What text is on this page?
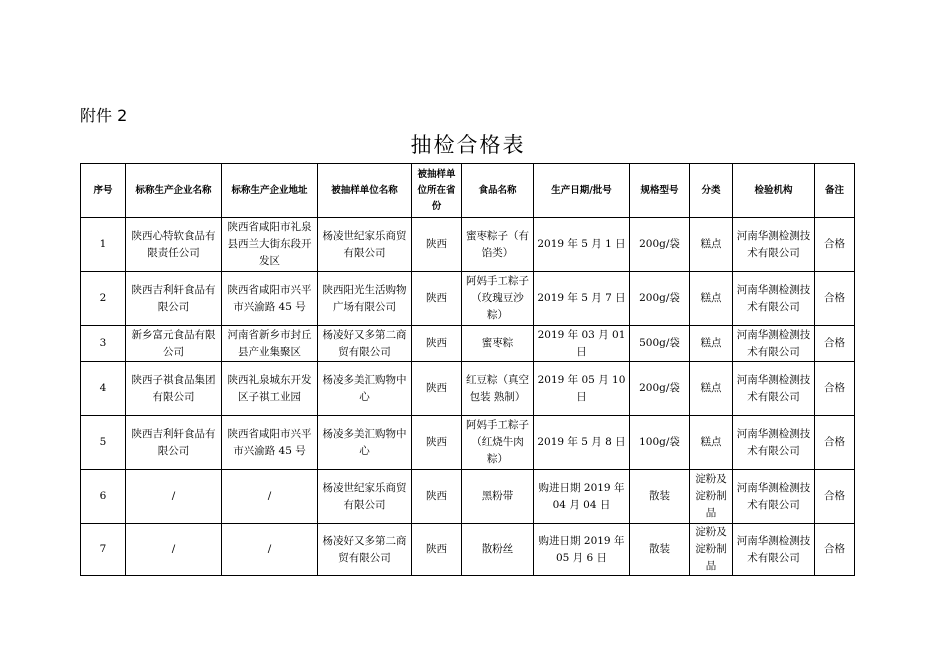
附件 2
抽检合格表
序号	标称生产企业名称	标称生产企业地址	被抽样单位名称	被抽样单位所在省份	食品名称	生产日期/批号	规格型号	分类	检验机构	备注
1	陕西心特软食品有限责任公司	陕西省咸阳市礼泉县西兰大街东段开发区	杨凌世纪家乐商贸有限公司	陕西	蜜枣粽子（有馅类）	2019 年 5 月 1 日	200g/袋	糕点	河南华测检测技术有限公司	合格
2	陕西吉利轩食品有限公司	陕西省咸阳市兴平市兴渝路 45 号	陕西阳光生活购物广场有限公司	陕西	阿妈手工粽子（玫瑰豆沙粽）	2019 年 5 月 7 日	200g/袋	糕点	河南华测检测技术有限公司	合格
3	新乡富元食品有限公司	河南省新乡市封丘县产业集聚区	杨凌好又多第二商贸有限公司	陕西	蜜枣粽	2019 年 03 月 01 日	500g/袋	糕点	河南华测检测技术有限公司	合格
4	陕西子祺食品集团有限公司	陕西礼泉城东开发区子祺工业园	杨凌多美汇购物中心	陕西	红豆粽（真空包装 熟制）	2019 年 05 月 10 日	200g/袋	糕点	河南华测检测技术有限公司	合格
5	陕西吉利轩食品有限公司	陕西省咸阳市兴平市兴渝路 45 号	杨凌多美汇购物中心	陕西	阿妈手工粽子（红烧牛肉粽）	2019 年 5 月 8 日	100g/袋	糕点	河南华测检测技术有限公司	合格
6	/	/	杨凌世纪家乐商贸有限公司	陕西	黑粉带	购进日期 2019 年 04 月 04 日	散装	淀粉及淀粉制品	河南华测检测技术有限公司	合格
7	/	/	杨凌好又多第二商贸有限公司	陕西	散粉丝	购进日期 2019 年 05 月 6 日	散装	淀粉及淀粉制品	河南华测检测技术有限公司	合格
